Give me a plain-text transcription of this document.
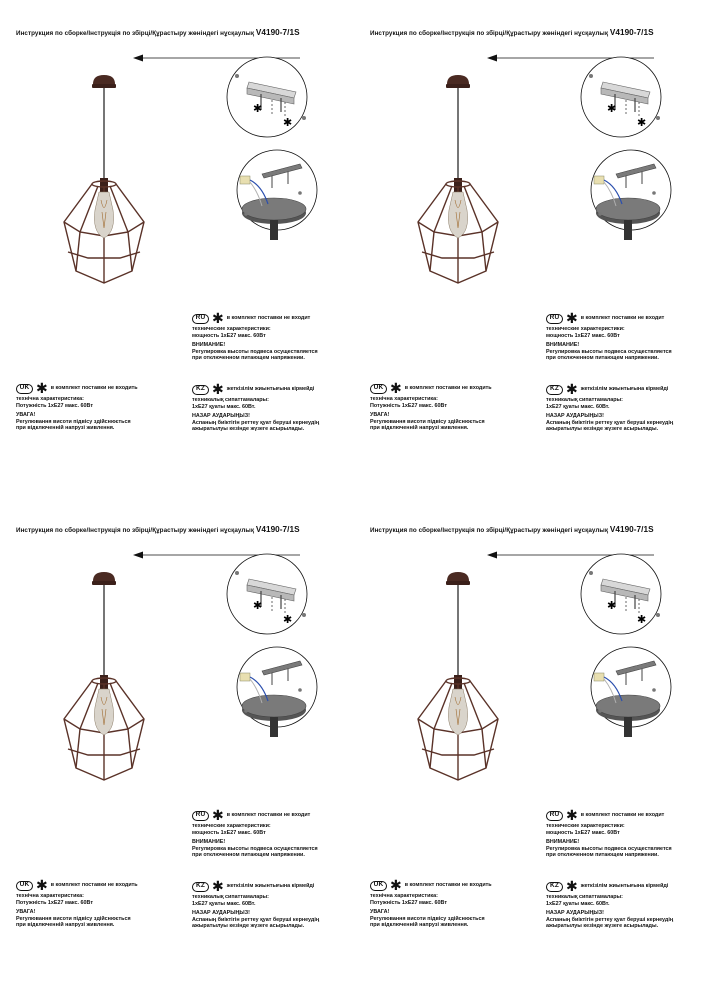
Инструкция по сборке/Інструкція по збірці/Құрастыру жөніндегі нұсқаулық V4190-7/1S
✱
✱
RU ✱ в комплект поставки не входит
технические характеристики:
мощность 1хЕ27 макс. 60Вт
ВНИМАНИЕ!
Регулировка высоты подвеса осуществляется
при отключенном питающем напряжении.
UK ✱ в комплект поставки не входить
технічна характеристика:
Потужність 1хЕ27 макс. 60Вт
УВАГА!
Регулювання висоти підвісу здійснюється
при відключенній напрузі живлення.
KZ ✱ жеткізілім жиынтығына кірмейді
техникалық сипаттамалары:
1хЕ27 қуаты макс. 60Вт.
НАЗАР АУДАРЫҢЫЗ!
Аспаның биіктігін реттеу қуат берушi кернеудің
ажыратылуы кезінде жүзеге асырылады.
Инструкция по сборке/Інструкція по збірці/Құрастыру жөніндегі нұсқаулық V4190-7/1S
✱
✱
RU ✱ в комплект поставки не входит
технические характеристики:
мощность 1хЕ27 макс. 60Вт
ВНИМАНИЕ!
Регулировка высоты подвеса осуществляется
при отключенном питающем напряжении.
UK ✱ в комплект поставки не входить
технічна характеристика:
Потужність 1хЕ27 макс. 60Вт
УВАГА!
Регулювання висоти підвісу здійснюється
при відключенній напрузі живлення.
KZ ✱ жеткізілім жиынтығына кірмейді
техникалық сипаттамалары:
1хЕ27 қуаты макс. 60Вт.
НАЗАР АУДАРЫҢЫЗ!
Аспаның биіктігін реттеу қуат берушi кернеудің
ажыратылуы кезінде жүзеге асырылады.
Инструкция по сборке/Інструкція по збірці/Құрастыру жөніндегі нұсқаулық V4190-7/1S
✱
✱
RU ✱ в комплект поставки не входит
технические характеристики:
мощность 1хЕ27 макс. 60Вт
ВНИМАНИЕ!
Регулировка высоты подвеса осуществляется
при отключенном питающем напряжении.
UK ✱ в комплект поставки не входить
технічна характеристика:
Потужність 1хЕ27 макс. 60Вт
УВАГА!
Регулювання висоти підвісу здійснюється
при відключенній напрузі живлення.
KZ ✱ жеткізілім жиынтығына кірмейді
техникалық сипаттамалары:
1хЕ27 қуаты макс. 60Вт.
НАЗАР АУДАРЫҢЫЗ!
Аспаның биіктігін реттеу қуат берушi кернеудің
ажыратылуы кезінде жүзеге асырылады.
Инструкция по сборке/Інструкція по збірці/Құрастыру жөніндегі нұсқаулық V4190-7/1S
✱
✱
RU ✱ в комплект поставки не входит
технические характеристики:
мощность 1хЕ27 макс. 60Вт
ВНИМАНИЕ!
Регулировка высоты подвеса осуществляется
при отключенном питающем напряжении.
UK ✱ в комплект поставки не входить
технічна характеристика:
Потужність 1хЕ27 макс. 60Вт
УВАГА!
Регулювання висоти підвісу здійснюється
при відключенній напрузі живлення.
KZ ✱ жеткізілім жиынтығына кірмейді
техникалық сипаттамалары:
1хЕ27 қуаты макс. 60Вт.
НАЗАР АУДАРЫҢЫЗ!
Аспаның биіктігін реттеу қуат берушi кернеудің
ажыратылуы кезінде жүзеге асырылады.
